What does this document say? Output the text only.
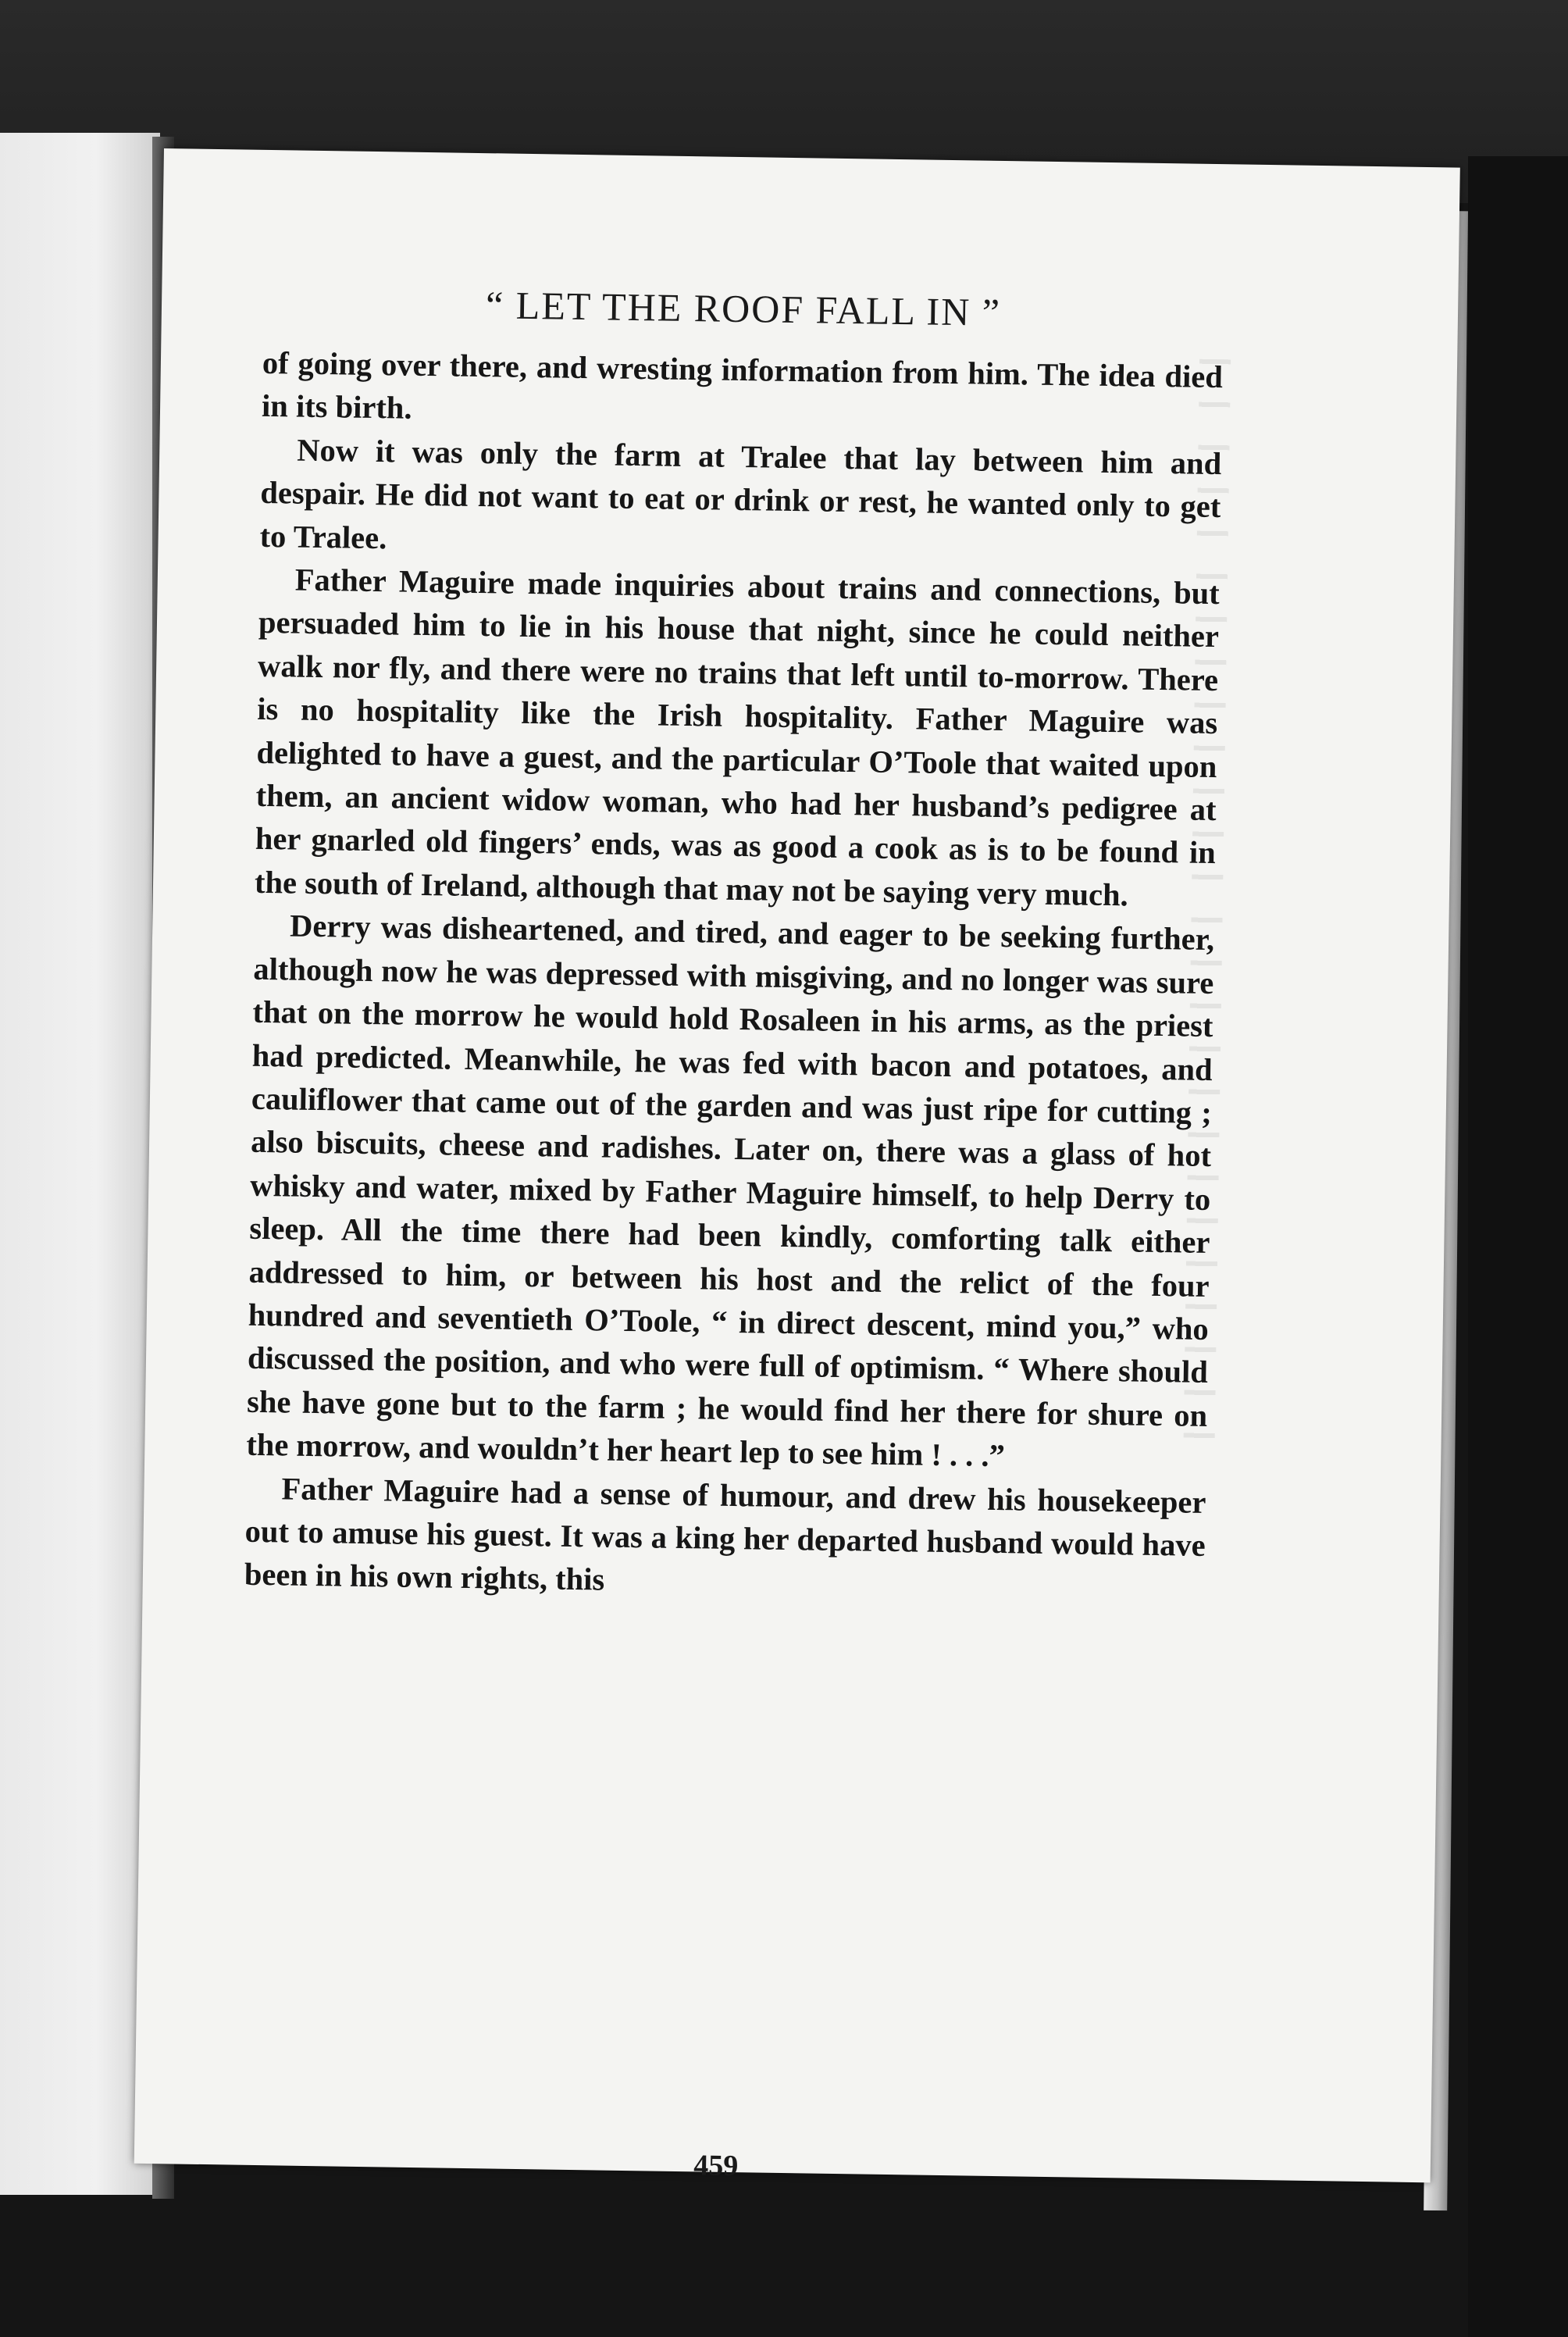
“ LET THE ROOF FALL IN ”

of going over there, and wresting information from him. The idea died in its birth.

Now it was only the farm at Tralee that lay between him and despair. He did not want to eat or drink or rest, he wanted only to get to Tralee.

Father Maguire made inquiries about trains and connections, but persuaded him to lie in his house that night, since he could neither walk nor fly, and there were no trains that left until to-morrow. There is no hospitality like the Irish hospitality. Father Maguire was delighted to have a guest, and the particular O’Toole that waited upon them, an ancient widow woman, who had her husband’s pedigree at her gnarled old fingers’ ends, was as good a cook as is to be found in the south of Ireland, although that may not be saying very much.

Derry was disheartened, and tired, and eager to be seeking further, although now he was depressed with misgiving, and no longer was sure that on the morrow he would hold Rosaleen in his arms, as the priest had predicted. Meanwhile, he was fed with bacon and potatoes, and cauliflower that came out of the garden and was just ripe for cutting ; also biscuits, cheese and radishes. Later on, there was a glass of hot whisky and water, mixed by Father Maguire himself, to help Derry to sleep. All the time there had been kindly, comforting talk either addressed to him, or between his host and the relict of the four hundred and seventieth O’Toole, “ in direct descent, mind you,” who discussed the position, and who were full of optimism. “ Where should she have gone but to the farm ; he would find her there for shure on the morrow, and wouldn’t her heart lep to see him ! . . .”

Father Maguire had a sense of humour, and drew his housekeeper out to amuse his guest. It was a king her departed husband would have been in his own rights, this

459
